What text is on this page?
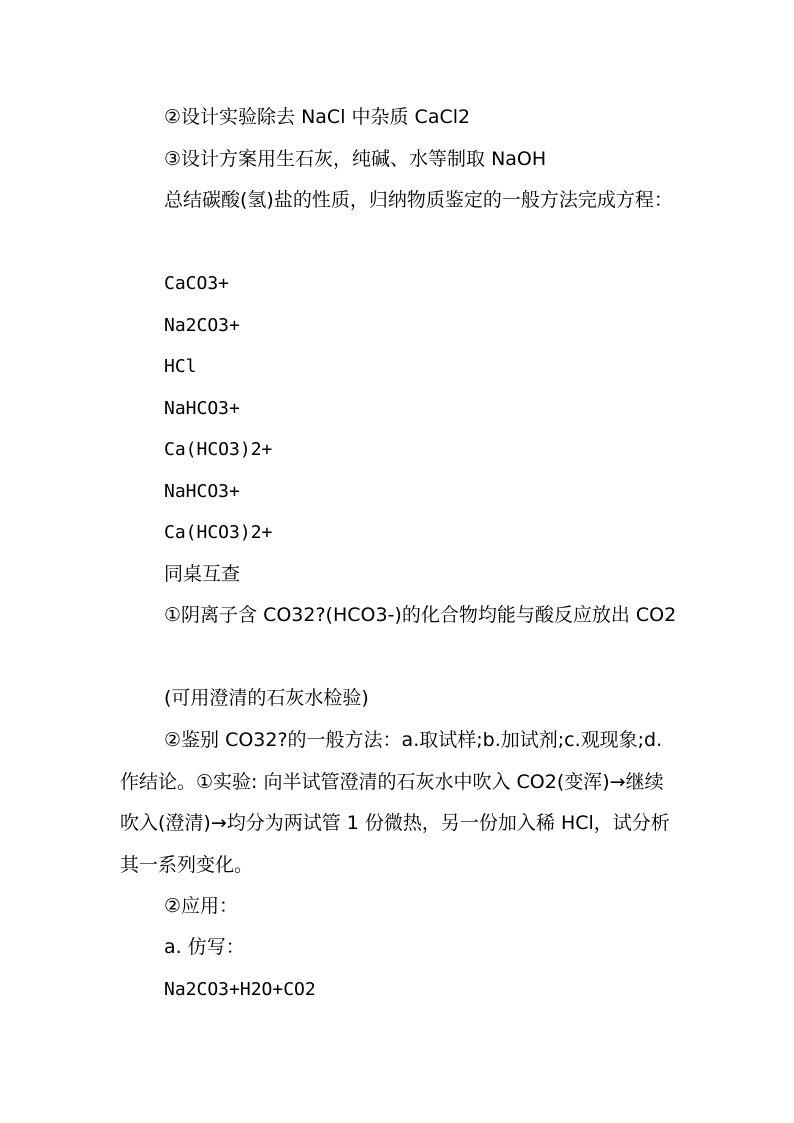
②设计实验除去 NaCl 中杂质 CaCl2

③设计方案用生石灰，纯碱、水等制取 NaOH

总结碳酸(氢)盐的性质，归纳物质鉴定的一般方法完成方程：

CaCO3+

Na2CO3+

HCl

NaHCO3+

Ca(HCO3)2+

NaHCO3+

Ca(HCO3)2+

同桌互查

①阴离子含 CO32?(HCO3-)的化合物均能与酸反应放出 CO2

(可用澄清的石灰水检验)

②鉴别 CO32?的一般方法：a.取试样;b.加试剂;c.观现象;d.作结论。①实验: 向半试管澄清的石灰水中吹入 CO2(变浑)→继续吹入(澄清)→均分为两试管 1 份微热，另一份加入稀 HCl，试分析其一系列变化。

②应用：

a. 仿写：

Na2CO3+H2O+CO2
